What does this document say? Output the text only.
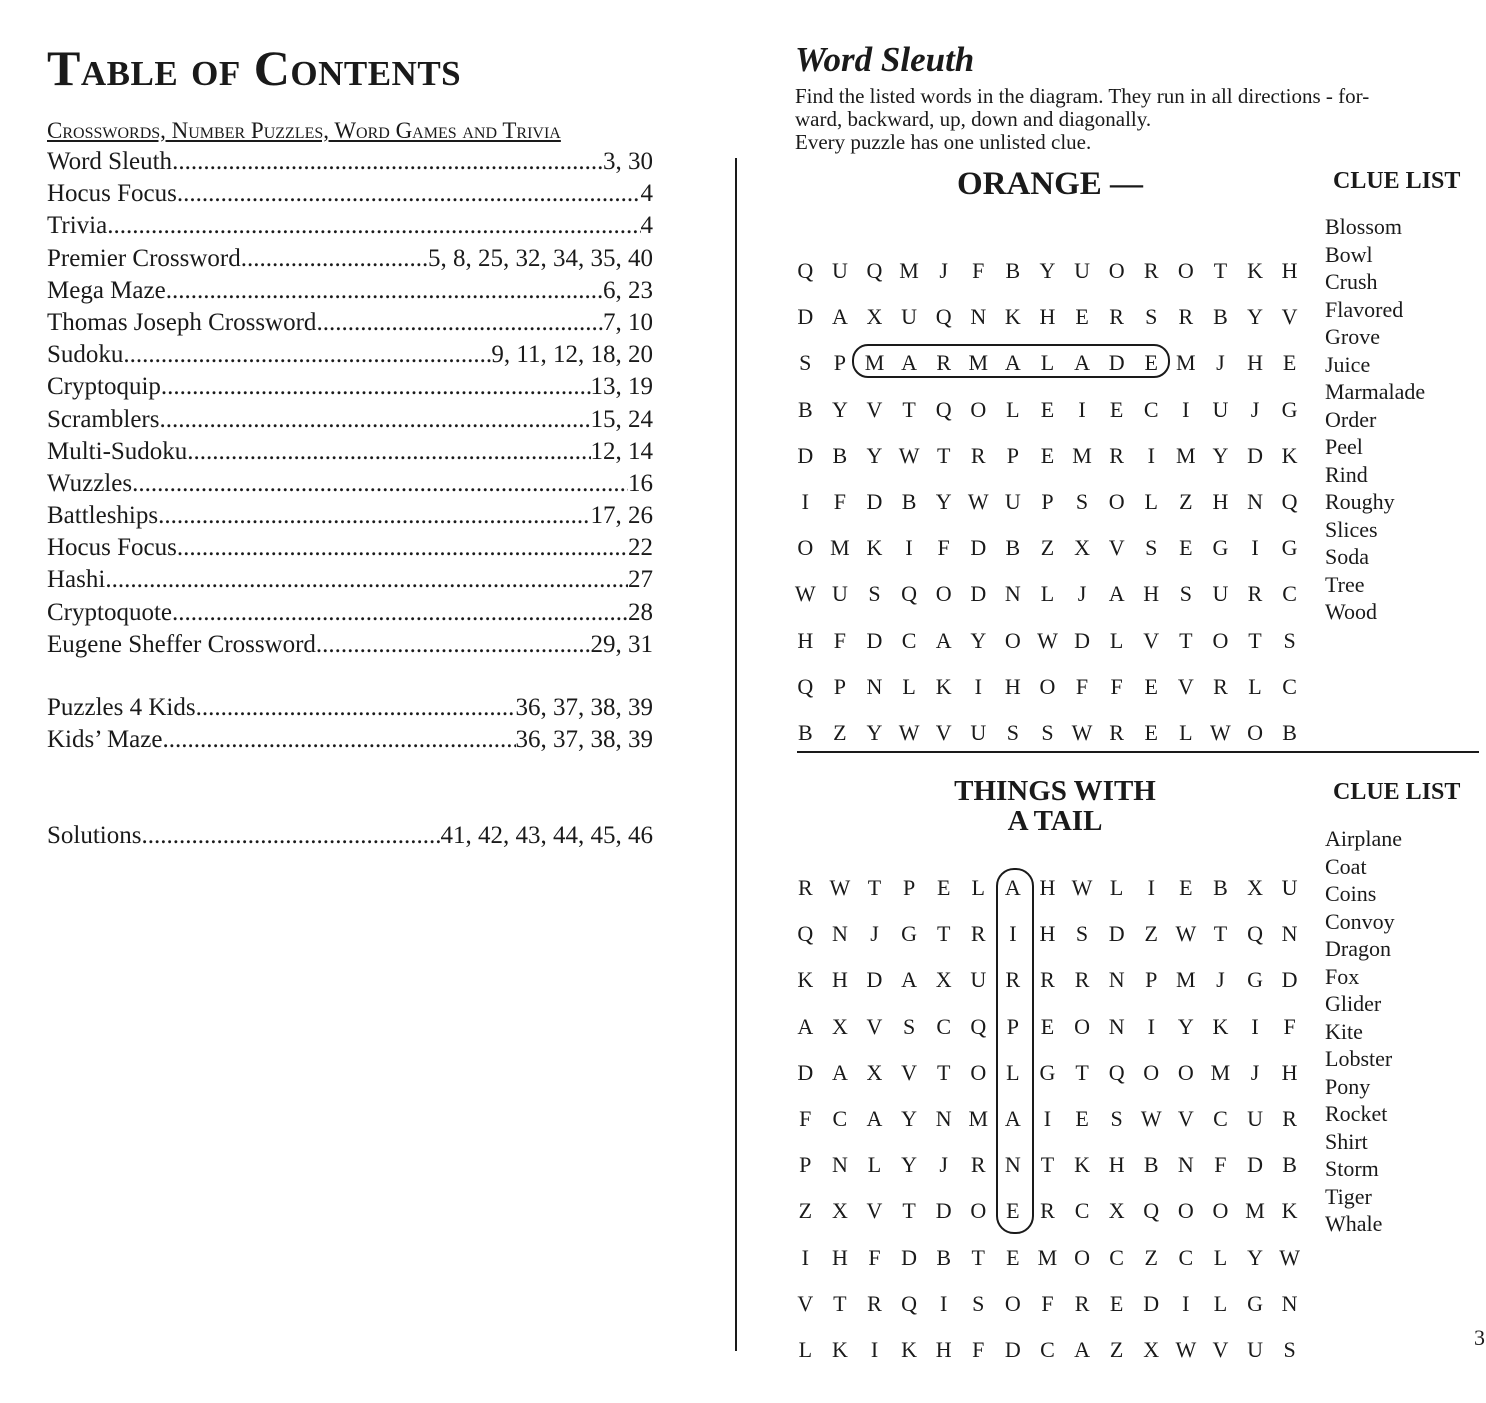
Table of Contents
Crosswords, Number Puzzles, Word Games and Trivia
Word Sleuth .....	3, 30
Hocus Focus .....	4
Trivia .....	4
Premier Crossword .....	5, 8, 25, 32, 34, 35, 40
Mega Maze .....	6, 23
Thomas Joseph Crossword .....	7, 10
Sudoku .....	9, 11, 12, 18, 20
Cryptoquip .....	13, 19
Scramblers .....	15, 24
Multi-Sudoku .....	12, 14
Wuzzles .....	16
Battleships .....	17, 26
Hocus Focus .....	22
Hashi .....	27
Cryptoquote .....	28
Eugene Sheffer Crossword .....	29, 31
Puzzles 4 Kids .....	36, 37, 38, 39
Kids’ Maze .....	36, 37, 38, 39
Solutions .....	41, 42, 43, 44, 45, 46
Word Sleuth
Find the listed words in the diagram. They run in all directions - for-
ward, backward, up, down and diagonally.
Every puzzle has one unlisted clue.
ORANGE —	CLUE LIST
Blossom
Bowl
Crush
Flavored
Grove
Juice
Marmalade
Order
Peel
Rind
Roughy
Slices
Soda
Tree
Wood
Q U Q M J	F B Y U O R O T K H
D A X U Q N K H E R S R B Y V
S	P M A R M A L A D E M J	H E
B Y V T Q O L E	I	E C	I	U	J	G
D B Y W T R P E M R	I M Y D K
I	F D B Y W U P	S O L Z H N Q
O M K	I	F D B Z X V S E G	I	G
W U S Q O D N L	J	A H S U R C
H F D C A Y O W D L V T O T S
Q P N L K	I	H O F	F E V R L C
B Z Y W V U S	S W R E L W O B
THINGS WITH
A TAIL
CLUE LIST
Airplane
Coat
Coins
Convoy
Dragon
Fox
Glider
Kite
Lobster
Pony
Rocket
Shirt
Storm
Tiger
Whale
R W T P E L A H W L	I	E B X U
Q N	J	G T R	I	H S D Z W T Q N
K H D A X U R R R N P M J	G D
A X V S C Q P E O N	I	Y K	I	F
D A X V T O L G T Q O O M J	H
F C A Y N M A	I	E S W V C U R
P N L Y	J	R N T K H B N F D B
Z X V T D O E R C X Q O O M K
I	H F D B T E M O C Z C L Y W
V T R Q	I	S O F R E D	I	L G N
L K	I	K H F D C A Z X W V U S	3
